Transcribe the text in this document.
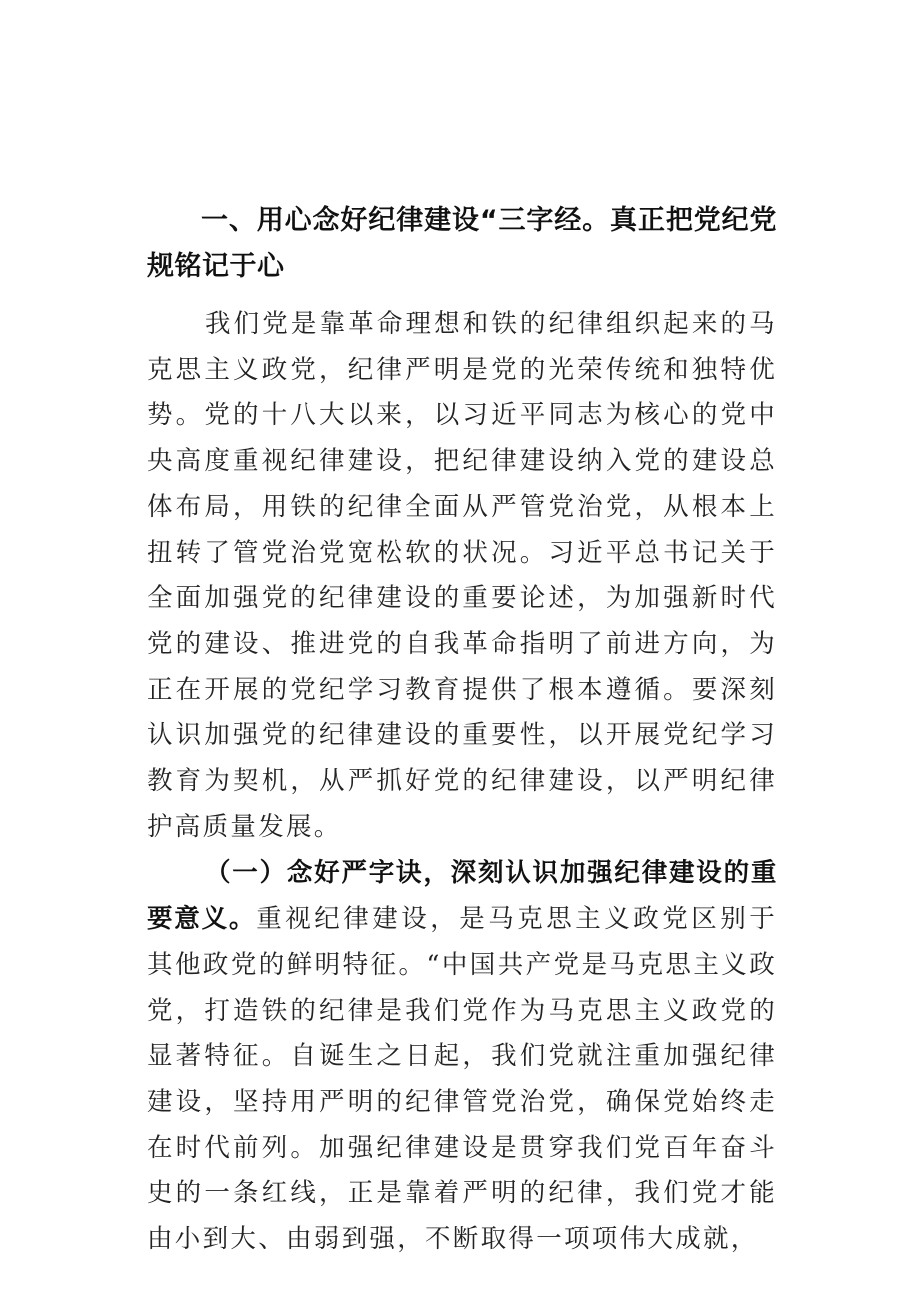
一、用心念好纪律建设“三字经。真正把党纪党规铭记于心

我们党是靠革命理想和铁的纪律组织起来的马克思主义政党，纪律严明是党的光荣传统和独特优势。党的十八大以来，以习近平同志为核心的党中央高度重视纪律建设，把纪律建设纳入党的建设总体布局，用铁的纪律全面从严管党治党，从根本上扭转了管党治党宽松软的状况。习近平总书记关于全面加强党的纪律建设的重要论述，为加强新时代党的建设、推进党的自我革命指明了前进方向，为正在开展的党纪学习教育提供了根本遵循。要深刻认识加强党的纪律建设的重要性，以开展党纪学习教育为契机，从严抓好党的纪律建设，以严明纪律护高质量发展。

（一）念好严字诀，深刻认识加强纪律建设的重要意义。重视纪律建设，是马克思主义政党区别于其他政党的鲜明特征。“中国共产党是马克思主义政党，打造铁的纪律是我们党作为马克思主义政党的显著特征。自诞生之日起，我们党就注重加强纪律建设，坚持用严明的纪律管党治党，确保党始终走在时代前列。加强纪律建设是贯穿我们党百年奋斗史的一条红线，正是靠着严明的纪律，我们党才能由小到大、由弱到强，不断取得一项项伟大成就，
